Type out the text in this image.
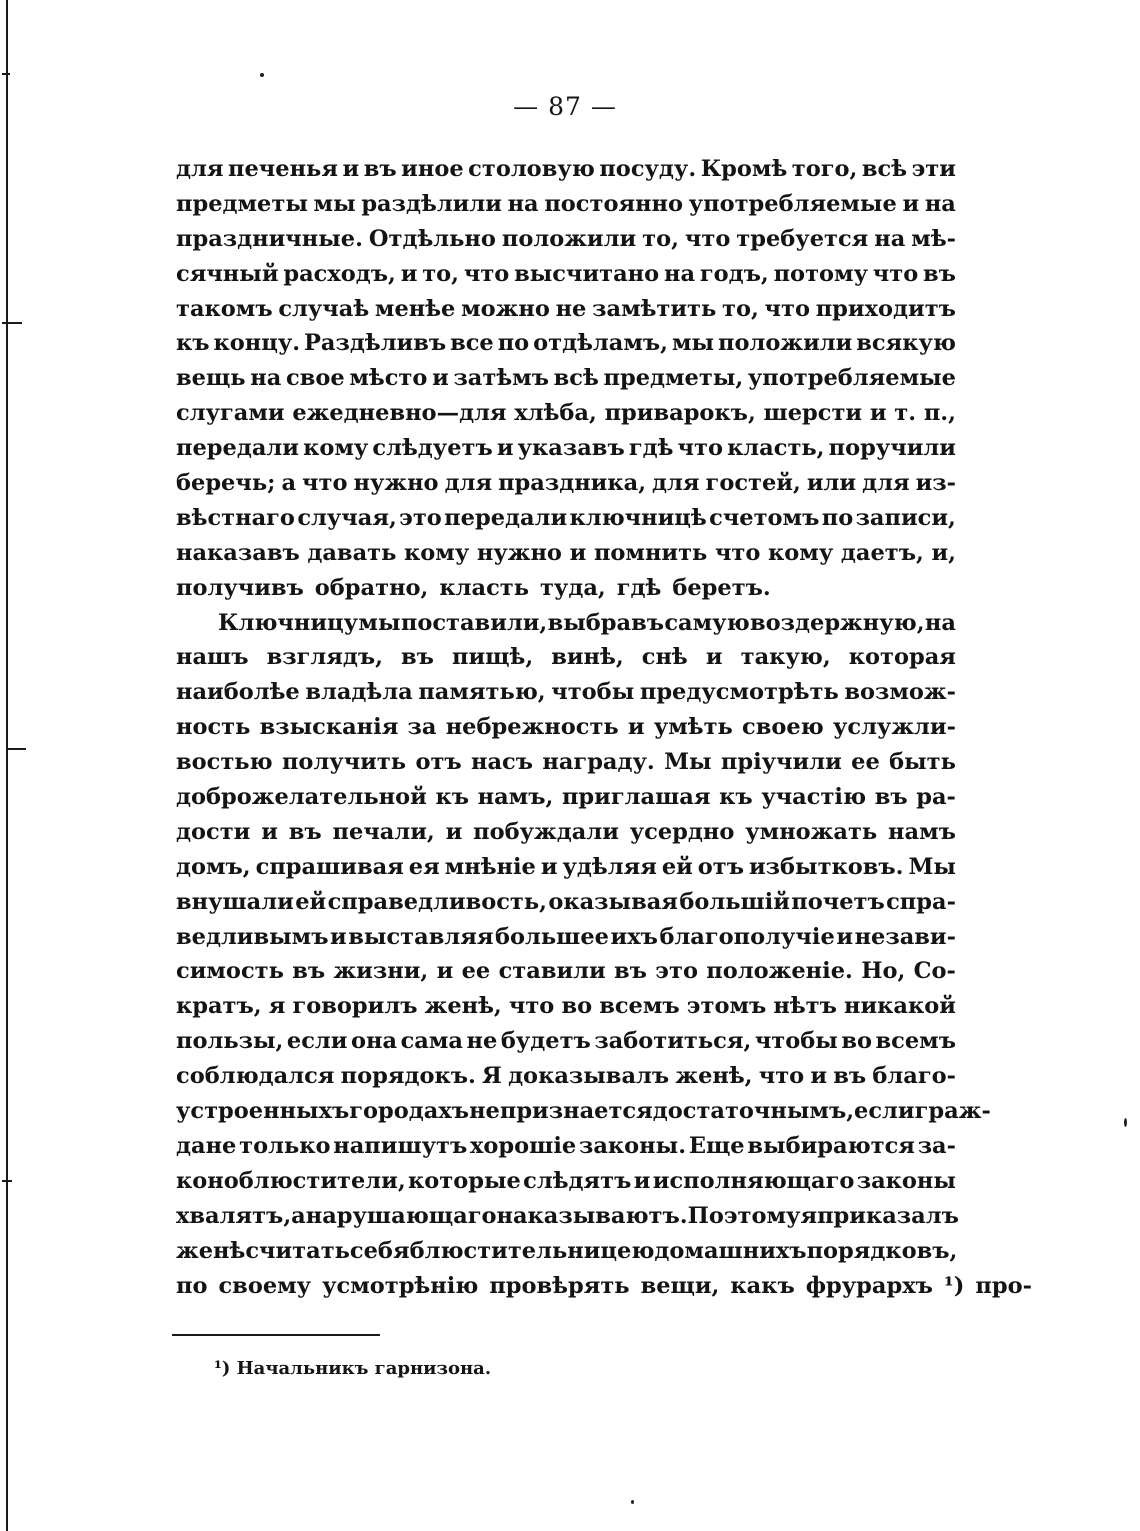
— 87 —
для печенья и въ иное столовую посуду. Кромѣ того, всѣ эти
предметы мы раздѣлили на постоянно употребляемые и на
праздничные. Отдѣльно положили то, что требуется на мѣ-
сячный расходъ, и то, что высчитано на годъ, потому что въ
такомъ случаѣ менѣе можно не замѣтить то, что приходитъ
къ концу. Раздѣливъ все по отдѣламъ, мы положили всякую
вещь на свое мѣсто и затѣмъ всѣ предметы, употребляемые
слугами ежедневно—для хлѣба, приварокъ, шерсти и т. п.,
передали кому слѣдуетъ и указавъ гдѣ что класть, поручили
беречь; а что нужно для праздника, для гостей, или для из-
вѣстнаго случая, это передали ключницѣ счетомъ по записи,
наказавъ давать кому нужно и помнить что кому даетъ, и,
получивъ обратно, класть туда, гдѣ беретъ.
Ключницу мы поставили, выбравъ самую воздержную, на
нашъ взглядъ, въ пищѣ, винѣ, снѣ и такую, которая
наиболѣе владѣла памятью, чтобы предусмотрѣть возмож-
ность взысканія за небрежность и умѣть своею услужли-
востью получить отъ насъ награду. Мы пріучили ее быть
доброжелательной къ намъ, приглашая къ участію въ ра-
дости и въ печали, и побуждали усердно умножать намъ
домъ, спрашивая ея мнѣніе и удѣляя ей отъ избытковъ. Мы
внушали ей справедливость, оказывая большій почетъ спра-
ведливымъ и выставляя большее ихъ благополучіе и незави-
симость въ жизни, и ее ставили въ это положеніе. Но, Со-
кратъ, я говорилъ женѣ, что во всемъ этомъ нѣтъ никакой
пользы, если она сама не будетъ заботиться, чтобы во всемъ
соблюдался порядокъ. Я доказывалъ женѣ, что и въ благо-
устроенныхъ городахъ не признается достаточнымъ, если граж-
дане только напишутъ хорошіе законы. Еще выбираются за-
коноблюстители, которые слѣдятъ и исполняющаго законы
хвалятъ, а нарушающаго наказываютъ. Поэтому я приказалъ
женѣ считать себя блюстительницею домашнихъ порядковъ,
по своему усмотрѣнію провѣрять вещи, какъ фрурархъ ¹) про-
¹) Начальникъ гарнизона.
